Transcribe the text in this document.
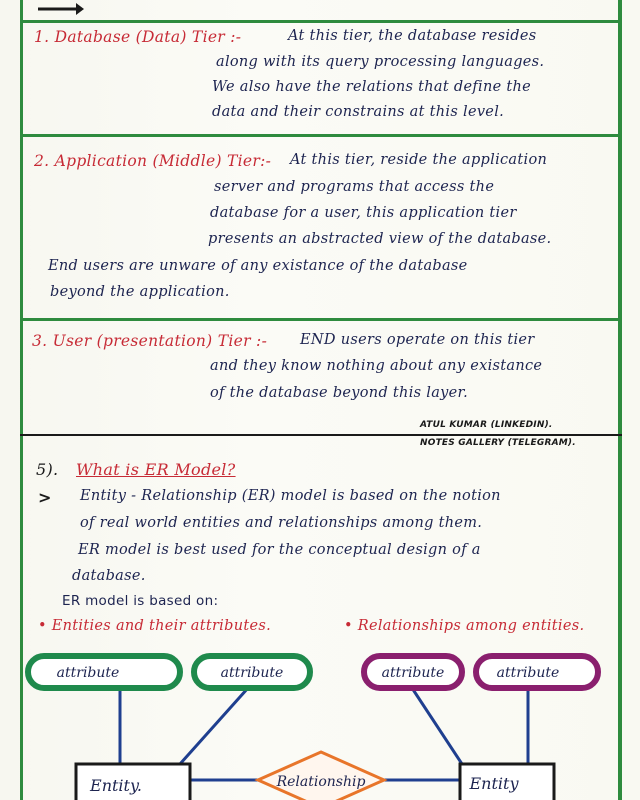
1. Database (Data) Tier :-	At this tier, the database resides
along with its query processing languages.
We also have the relations that define the
data and their constrains at this level.
2. Application (Middle) Tier:- At this tier, reside the application
server and programs that access the
database for a user, this application tier
presents an abstracted view of the database.
End users are unware of any existance of the database
beyond the application.
3. User (presentation) Tier :- END users operate on this tier
and they know nothing about any existance
of the database beyond this layer.
ATUL KUMAR (LINKEDIN).
NOTES GALLERY (TELEGRAM).
5). What is ER Model?
> Entity - Relationship (ER) model is based on the notion
of real world entities and relationships among them.
ER model is best used for the conceptual design of a
database.
ER model is based on:
• Entities and their attributes.	• Relationships among entities.
attribute	attribute	attribute	attribute
Relationship
Entity.	Entity
